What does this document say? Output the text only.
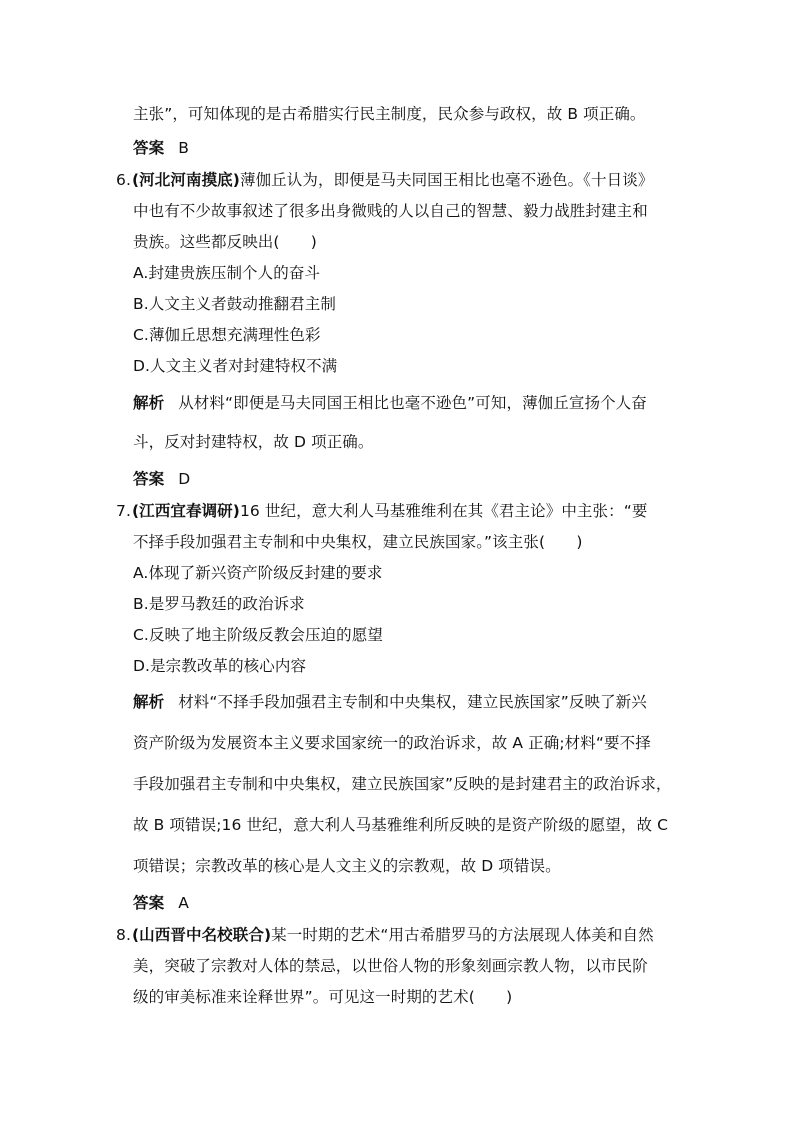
主张”，可知体现的是古希腊实行民主制度，民众参与政权，故 B 项正确。
答案 B
6.(河北河南摸底)薄伽丘认为，即便是马夫同国王相比也毫不逊色。《十日谈》
中也有不少故事叙述了很多出身微贱的人以自己的智慧、毅力战胜封建主和
贵族。这些都反映出(　　)
A.封建贵族压制个人的奋斗
B.人文主义者鼓动推翻君主制
C.薄伽丘思想充满理性色彩
D.人文主义者对封建特权不满
解析 从材料“即便是马夫同国王相比也毫不逊色”可知，薄伽丘宣扬个人奋
斗，反对封建特权，故 D 项正确。
答案 D
7.(江西宜春调研)16 世纪，意大利人马基雅维利在其《君主论》中主张：“要
不择手段加强君主专制和中央集权，建立民族国家。”该主张(　　)
A.体现了新兴资产阶级反封建的要求
B.是罗马教廷的政治诉求
C.反映了地主阶级反教会压迫的愿望
D.是宗教改革的核心内容
解析 材料“不择手段加强君主专制和中央集权，建立民族国家”反映了新兴
资产阶级为发展资本主义要求国家统一的政治诉求，故 A 正确;材料“要不择
手段加强君主专制和中央集权，建立民族国家”反映的是封建君主的政治诉求，
故 B 项错误;16 世纪，意大利人马基雅维利所反映的是资产阶级的愿望，故 C
项错误；宗教改革的核心是人文主义的宗教观，故 D 项错误。
答案 A
8.(山西晋中名校联合)某一时期的艺术“用古希腊罗马的方法展现人体美和自然
美，突破了宗教对人体的禁忌，以世俗人物的形象刻画宗教人物，以市民阶
级的审美标准来诠释世界”。可见这一时期的艺术(　　)
